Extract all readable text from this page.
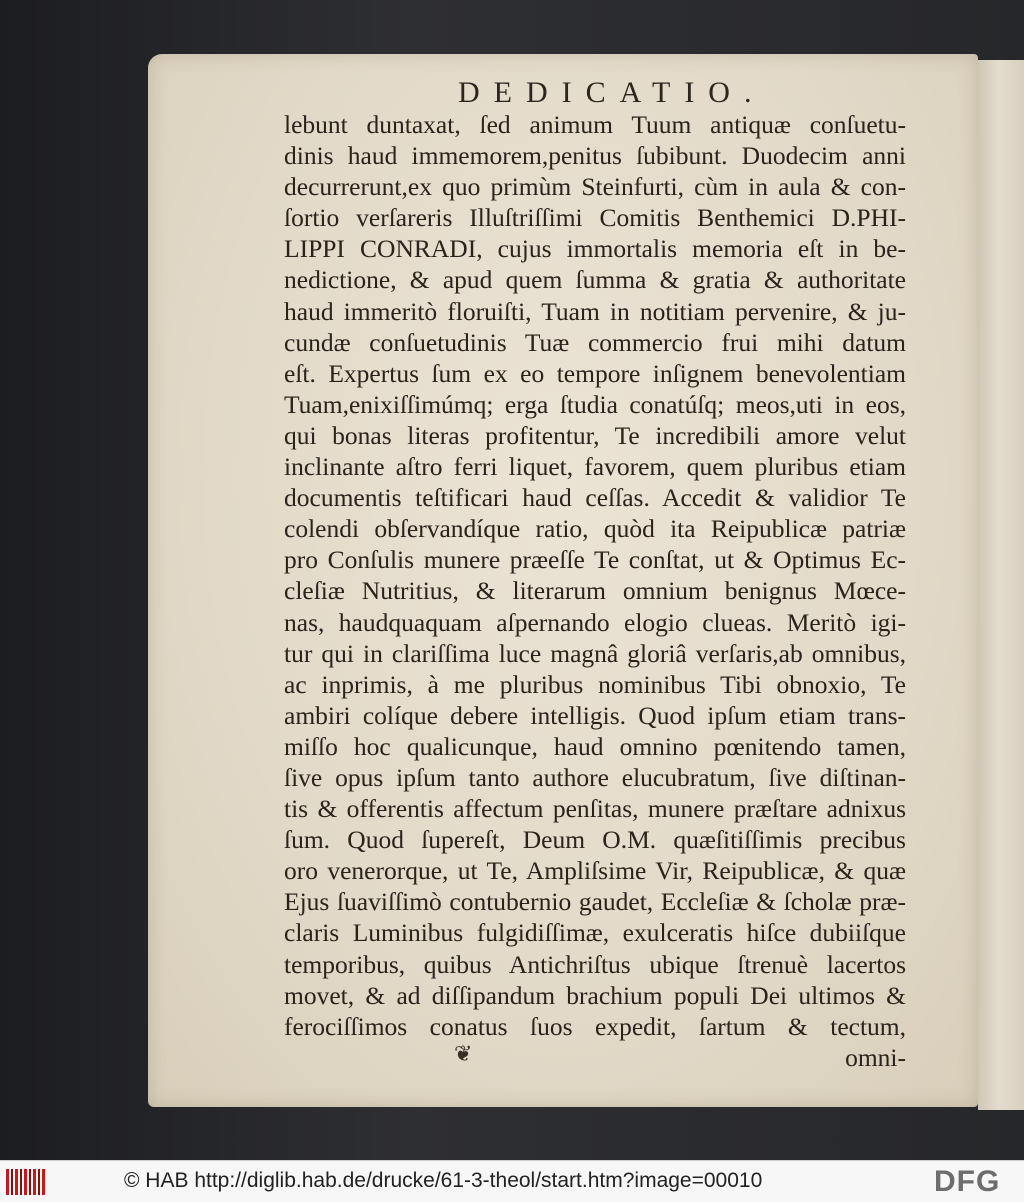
DEDICATIO.
lebunt duntaxat, ſed animum Tuum antiquæ conſuetu-
dinis haud immemorem,penitus ſubibunt. Duodecim anni
decurrerunt,ex quo primùm Steinfurti, cùm in aula & con-
ſortio verſareris Illuſtriſſimi Comitis Benthemici D.PHI-
LIPPI CONRADI, cujus immortalis memoria eſt in be-
nedictione, & apud quem ſumma & gratia & authoritate
haud immeritò floruiſti, Tuam in notitiam pervenire, & ju-
cundæ conſuetudinis Tuæ commercio frui mihi datum
eſt. Expertus ſum ex eo tempore inſignem benevolentiam
Tuam,enixiſſimúmq; erga ſtudia conatúſq; meos,uti in eos,
qui bonas literas profitentur, Te incredibili amore velut
inclinante aſtro ferri liquet, favorem, quem pluribus etiam
documentis teſtificari haud ceſſas. Accedit & validior Te
colendi obſervandíque ratio, quòd ita Reipublicæ patriæ
pro Conſulis munere præeſſe Te conſtat, ut & Optimus Ec-
cleſiæ Nutritius, & literarum omnium benignus Mœce-
nas, haudquaquam aſpernando elogio clueas. Meritò igi-
tur qui in clariſſima luce magnâ gloriâ verſaris,ab omnibus,
ac inprimis, à me pluribus nominibus Tibi obnoxio, Te
ambiri colíque debere intelligis. Quod ipſum etiam trans-
miſſo hoc qualicunque, haud omnino pœnitendo tamen,
ſive opus ipſum tanto authore elucubratum, ſive diſtinan-
tis & offerentis affectum penſitas, munere præſtare adnixus
ſum. Quod ſupereſt, Deum O.M. quæſitiſſimis precibus
oro venerorque, ut Te, Ampliſsime Vir, Reipublicæ, & quæ
Ejus ſuaviſſimò contubernio gaudet, Eccleſiæ & ſcholæ præ-
claris Luminibus fulgidiſſimæ, exulceratis hiſce dubiiſque
temporibus, quibus Antichriſtus ubique ſtrenuè lacertos
movet, & ad diſſipandum brachium populi Dei ultimos &
ferociſſimos conatus ſuos expedit, ſartum & tectum,
omni-
❦
© HAB http://diglib.hab.de/drucke/61-3-theol/start.htm?image=00010	DFG
